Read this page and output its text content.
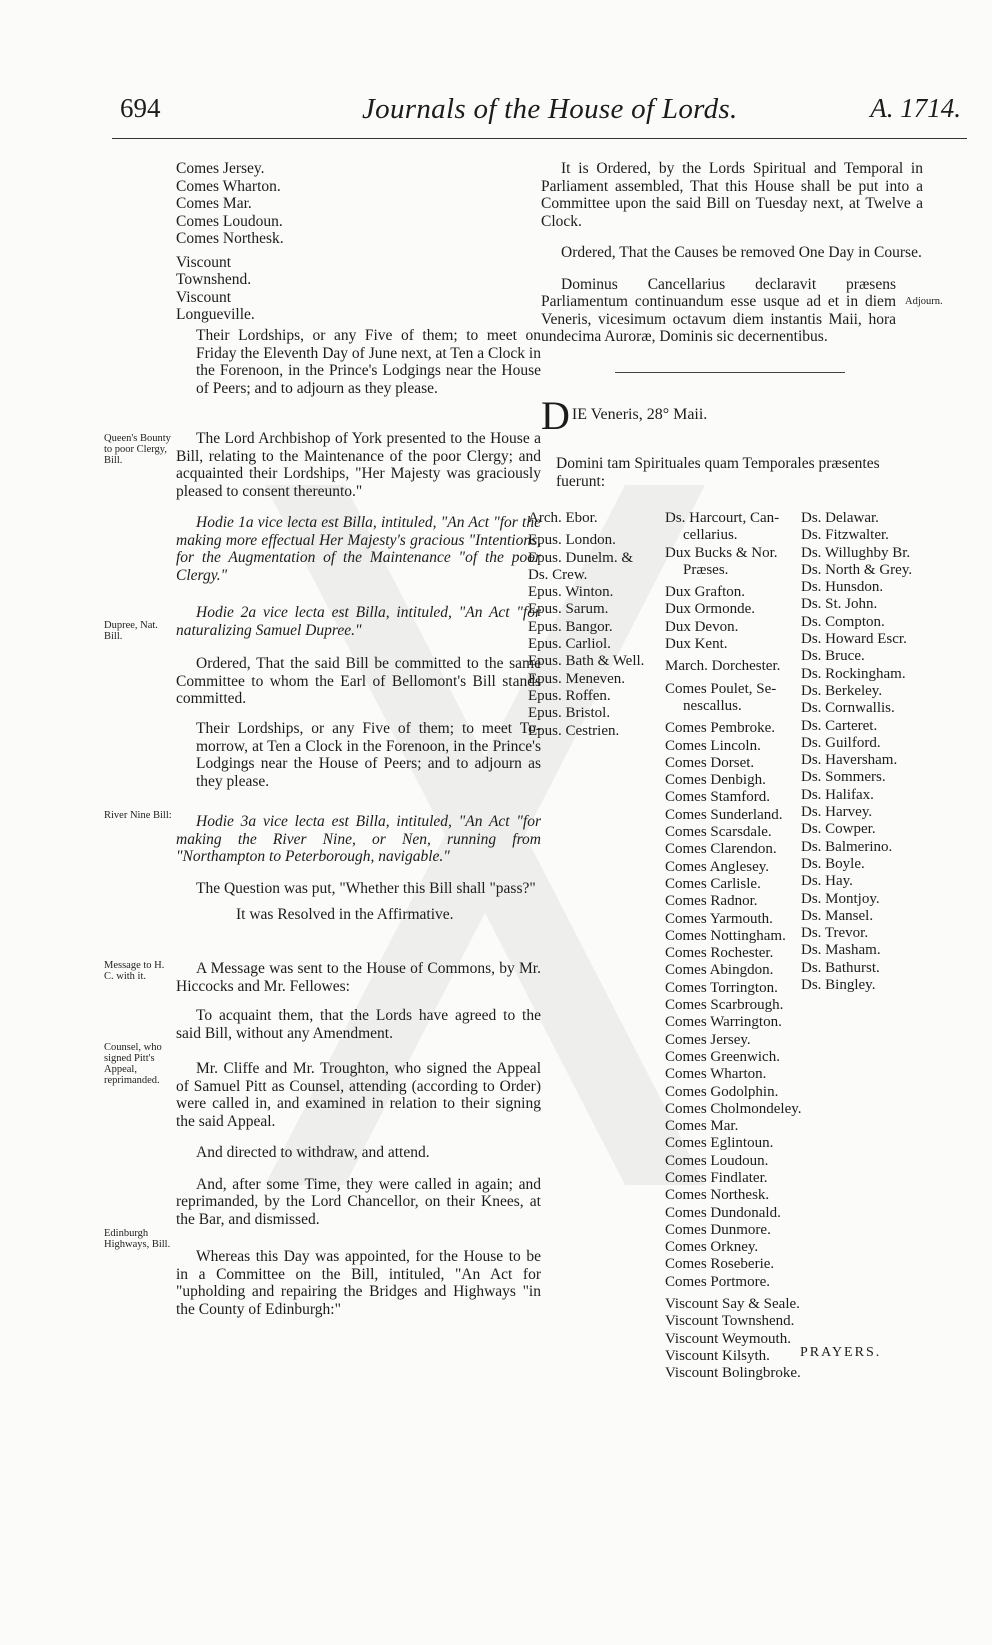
694	Journals of the House of Lords.	A. 1714.
Queen's Bounty to poor Clergy, Bill.
Dupree, Nat. Bill.
River Nine Bill:
Message to H. C. with it.
Counsel, who signed Pitt's Appeal, reprimanded.
Edinburgh Highways, Bill.
Adjourn.
Comes Jersey.
Comes Wharton.
Comes Mar.
Comes Loudoun.
Comes Northesk.
Viscount Townshend.
Viscount Longueville.

Their Lordships, or any Five of them; to meet on Friday the Eleventh Day of June next, at Ten a Clock in the Forenoon, in the Prince's Lodgings near the House of Peers; and to adjourn as they please.

The Lord Archbishop of York presented to the House a Bill, relating to the Maintenance of the poor Clergy; and acquainted their Lordships, "Her Majesty was graciously pleased to consent thereunto."

Hodie 1a vice lecta est Billa, intituled, "An Act "for the making more effectual Her Majesty's gracious "Intentions, for the Augmentation of the Maintenance "of the poor Clergy."

Hodie 2a vice lecta est Billa, intituled, "An Act "for naturalizing Samuel Dupree."

Ordered, That the said Bill be committed to the same Committee to whom the Earl of Bellomont's Bill stands committed.

Their Lordships, or any Five of them; to meet To-morrow, at Ten a Clock in the Forenoon, in the Prince's Lodgings near the House of Peers; and to adjourn as they please.

Hodie 3a vice lecta est Billa, intituled, "An Act "for making the River Nine, or Nen, running from "Northampton to Peterborough, navigable."

The Question was put, "Whether this Bill shall "pass?"

It was Resolved in the Affirmative.

A Message was sent to the House of Commons, by Mr. Hiccocks and Mr. Fellowes:

To acquaint them, that the Lords have agreed to the said Bill, without any Amendment.

Mr. Cliffe and Mr. Troughton, who signed the Appeal of Samuel Pitt as Counsel, attending (according to Order) were called in, and examined in relation to their signing the said Appeal.

And directed to withdraw, and attend.

And, after some Time, they were called in again; and reprimanded, by the Lord Chancellor, on their Knees, at the Bar, and dismissed.

Whereas this Day was appointed, for the House to be in a Committee on the Bill, intituled, "An Act for "upholding and repairing the Bridges and Highways "in the County of Edinburgh:"

It is Ordered, by the Lords Spiritual and Temporal in Parliament assembled, That this House shall be put into a Committee upon the said Bill on Tuesday next, at Twelve a Clock.

Ordered, That the Causes be removed One Day in Course.

Dominus Cancellarius declaravit præsens Parliamentum continuandum esse usque ad et in diem Veneris, vicesimum octavum diem instantis Maii, hora undecima Auroræ, Dominis sic decernentibus.

D IE Veneris, 28° Maii.
Domini tam Spirituales quam Temporales præsentes fuerunt:
Arch. Ebor.
Epus. London.
Epus. Dunelm. &
Ds. Crew.
Epus. Winton.
Epus. Sarum.
Epus. Bangor.
Epus. Carliol.
Epus. Bath & Well.
Epus. Meneven.
Epus. Roffen.
Epus. Bristol.
Epus. Cestrien.
Ds. Harcourt, Can-
cellarius.
Dux Bucks & Nor.
Præses.
Dux Grafton.
Dux Ormonde.
Dux Devon.
Dux Kent.
March. Dorchester.
Comes Poulet, Se-
nescallus.
Comes Pembroke.
Comes Lincoln.
Comes Dorset.
Comes Denbigh.
Comes Stamford.
Comes Sunderland.
Comes Scarsdale.
Comes Clarendon.
Comes Anglesey.
Comes Carlisle.
Comes Radnor.
Comes Yarmouth.
Comes Nottingham.
Comes Rochester.
Comes Abingdon.
Comes Torrington.
Comes Scarbrough.
Comes Warrington.
Comes Jersey.
Comes Greenwich.
Comes Wharton.
Comes Godolphin.
Comes Cholmondeley.
Comes Mar.
Comes Eglintoun.
Comes Loudoun.
Comes Findlater.
Comes Northesk.
Comes Dundonald.
Comes Dunmore.
Comes Orkney.
Comes Roseberie.
Comes Portmore.
Viscount Say & Seale.
Viscount Townshend.
Viscount Weymouth.
Viscount Kilsyth.
Viscount Bolingbroke.
Ds. Delawar.
Ds. Fitzwalter.
Ds. Willughby Br.
Ds. North & Grey.
Ds. Hunsdon.
Ds. St. John.
Ds. Compton.
Ds. Howard Escr.
Ds. Bruce.
Ds. Rockingham.
Ds. Berkeley.
Ds. Cornwallis.
Ds. Carteret.
Ds. Guilford.
Ds. Haversham.
Ds. Sommers.
Ds. Halifax.
Ds. Harvey.
Ds. Cowper.
Ds. Balmerino.
Ds. Boyle.
Ds. Hay.
Ds. Montjoy.
Ds. Mansel.
Ds. Trevor.
Ds. Masham.
Ds. Bathurst.
Ds. Bingley.
PRAYERS.
